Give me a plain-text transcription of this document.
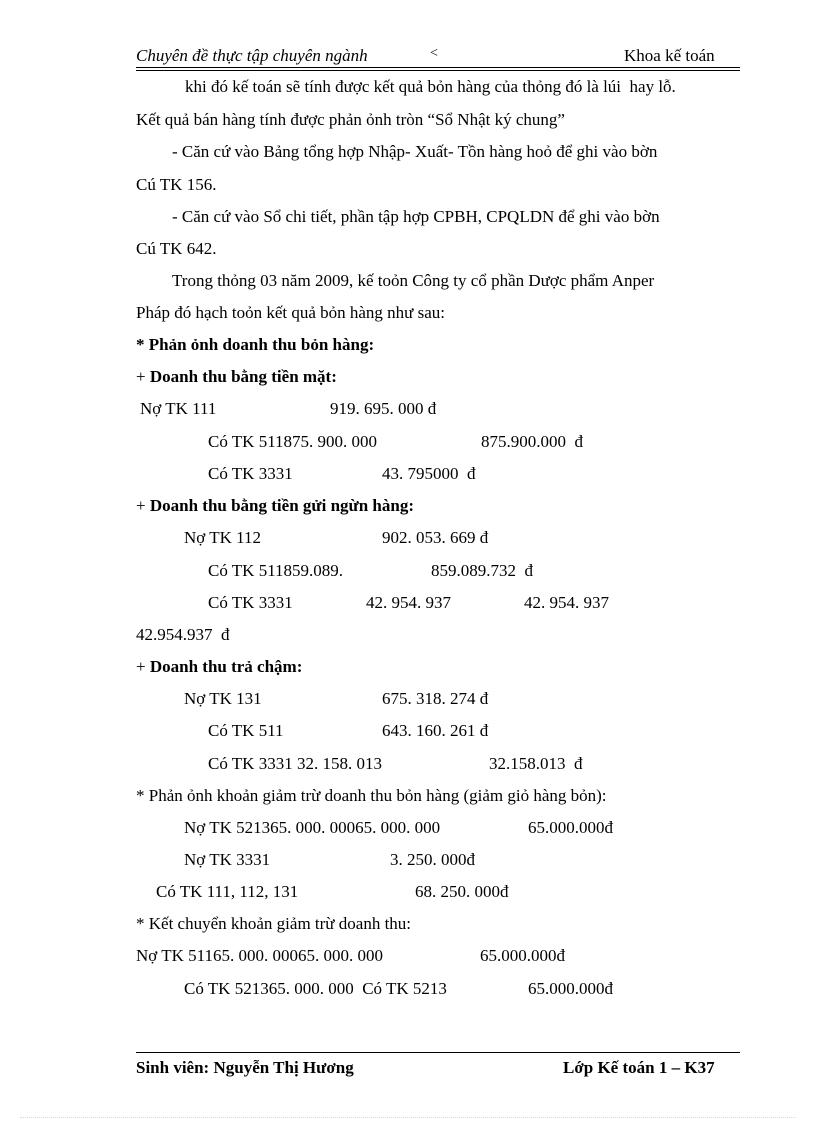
Chuyên đề thực tập chuyên ngành	˂	Khoa kế toán
khi đó kế toán sẽ tính được kết quả bỏn hàng của thỏng đó là lúi  hay lỗ.
Kết quả bán hàng tính được phản ỏnh tròn “Sổ Nhật ký chung”
- Căn cứ vào Bảng tổng hợp Nhập- Xuất- Tồn hàng hoỏ để ghi vào bờn
Cú TK 156.
- Căn cứ vào Sổ chi tiết, phần tập hợp CPBH, CPQLDN để ghi vào bờn
Cú TK 642.
Trong thỏng 03 năm 2009, kế toỏn Công ty cổ phần Dược phẩm Anper
Pháp đó hạch toỏn kết quả bỏn hàng như sau:
* Phản ỏnh doanh thu bỏn hàng:
+ Doanh thu bằng tiền mặt:
Nợ TK 111	919. 695. 000 đ
Có TK 511875. 900. 000	875.900.000  đ
Có TK 3331	43. 795000  đ
+ Doanh thu bằng tiền gửi ngừn hàng:
Nợ TK 112	902. 053. 669 đ
Có TK 511859.089.	859.089.732  đ
Có TK 3331	42. 954. 937	42. 954. 937
42.954.937  đ
+ Doanh thu trả chậm:
Nợ TK 131	675. 318. 274 đ
Có TK 511	643. 160. 261 đ
Có TK 3331 32. 158. 013	32.158.013  đ
* Phản ỏnh khoản giảm trừ doanh thu bỏn hàng (giảm giỏ hàng bỏn):
Nợ TK 521365. 000. 00065. 000. 000	65.000.000đ
Nợ TK 3331	3. 250. 000đ
Có TK 111, 112, 131	68. 250. 000đ
* Kết chuyển khoản giảm trừ doanh thu:
Nợ TK 51165. 000. 00065. 000. 000	65.000.000đ
Có TK 521365. 000. 000  Có TK 5213	65.000.000đ
Sinh viên: Nguyễn Thị Hương	Lớp Kế toán 1 – K37
